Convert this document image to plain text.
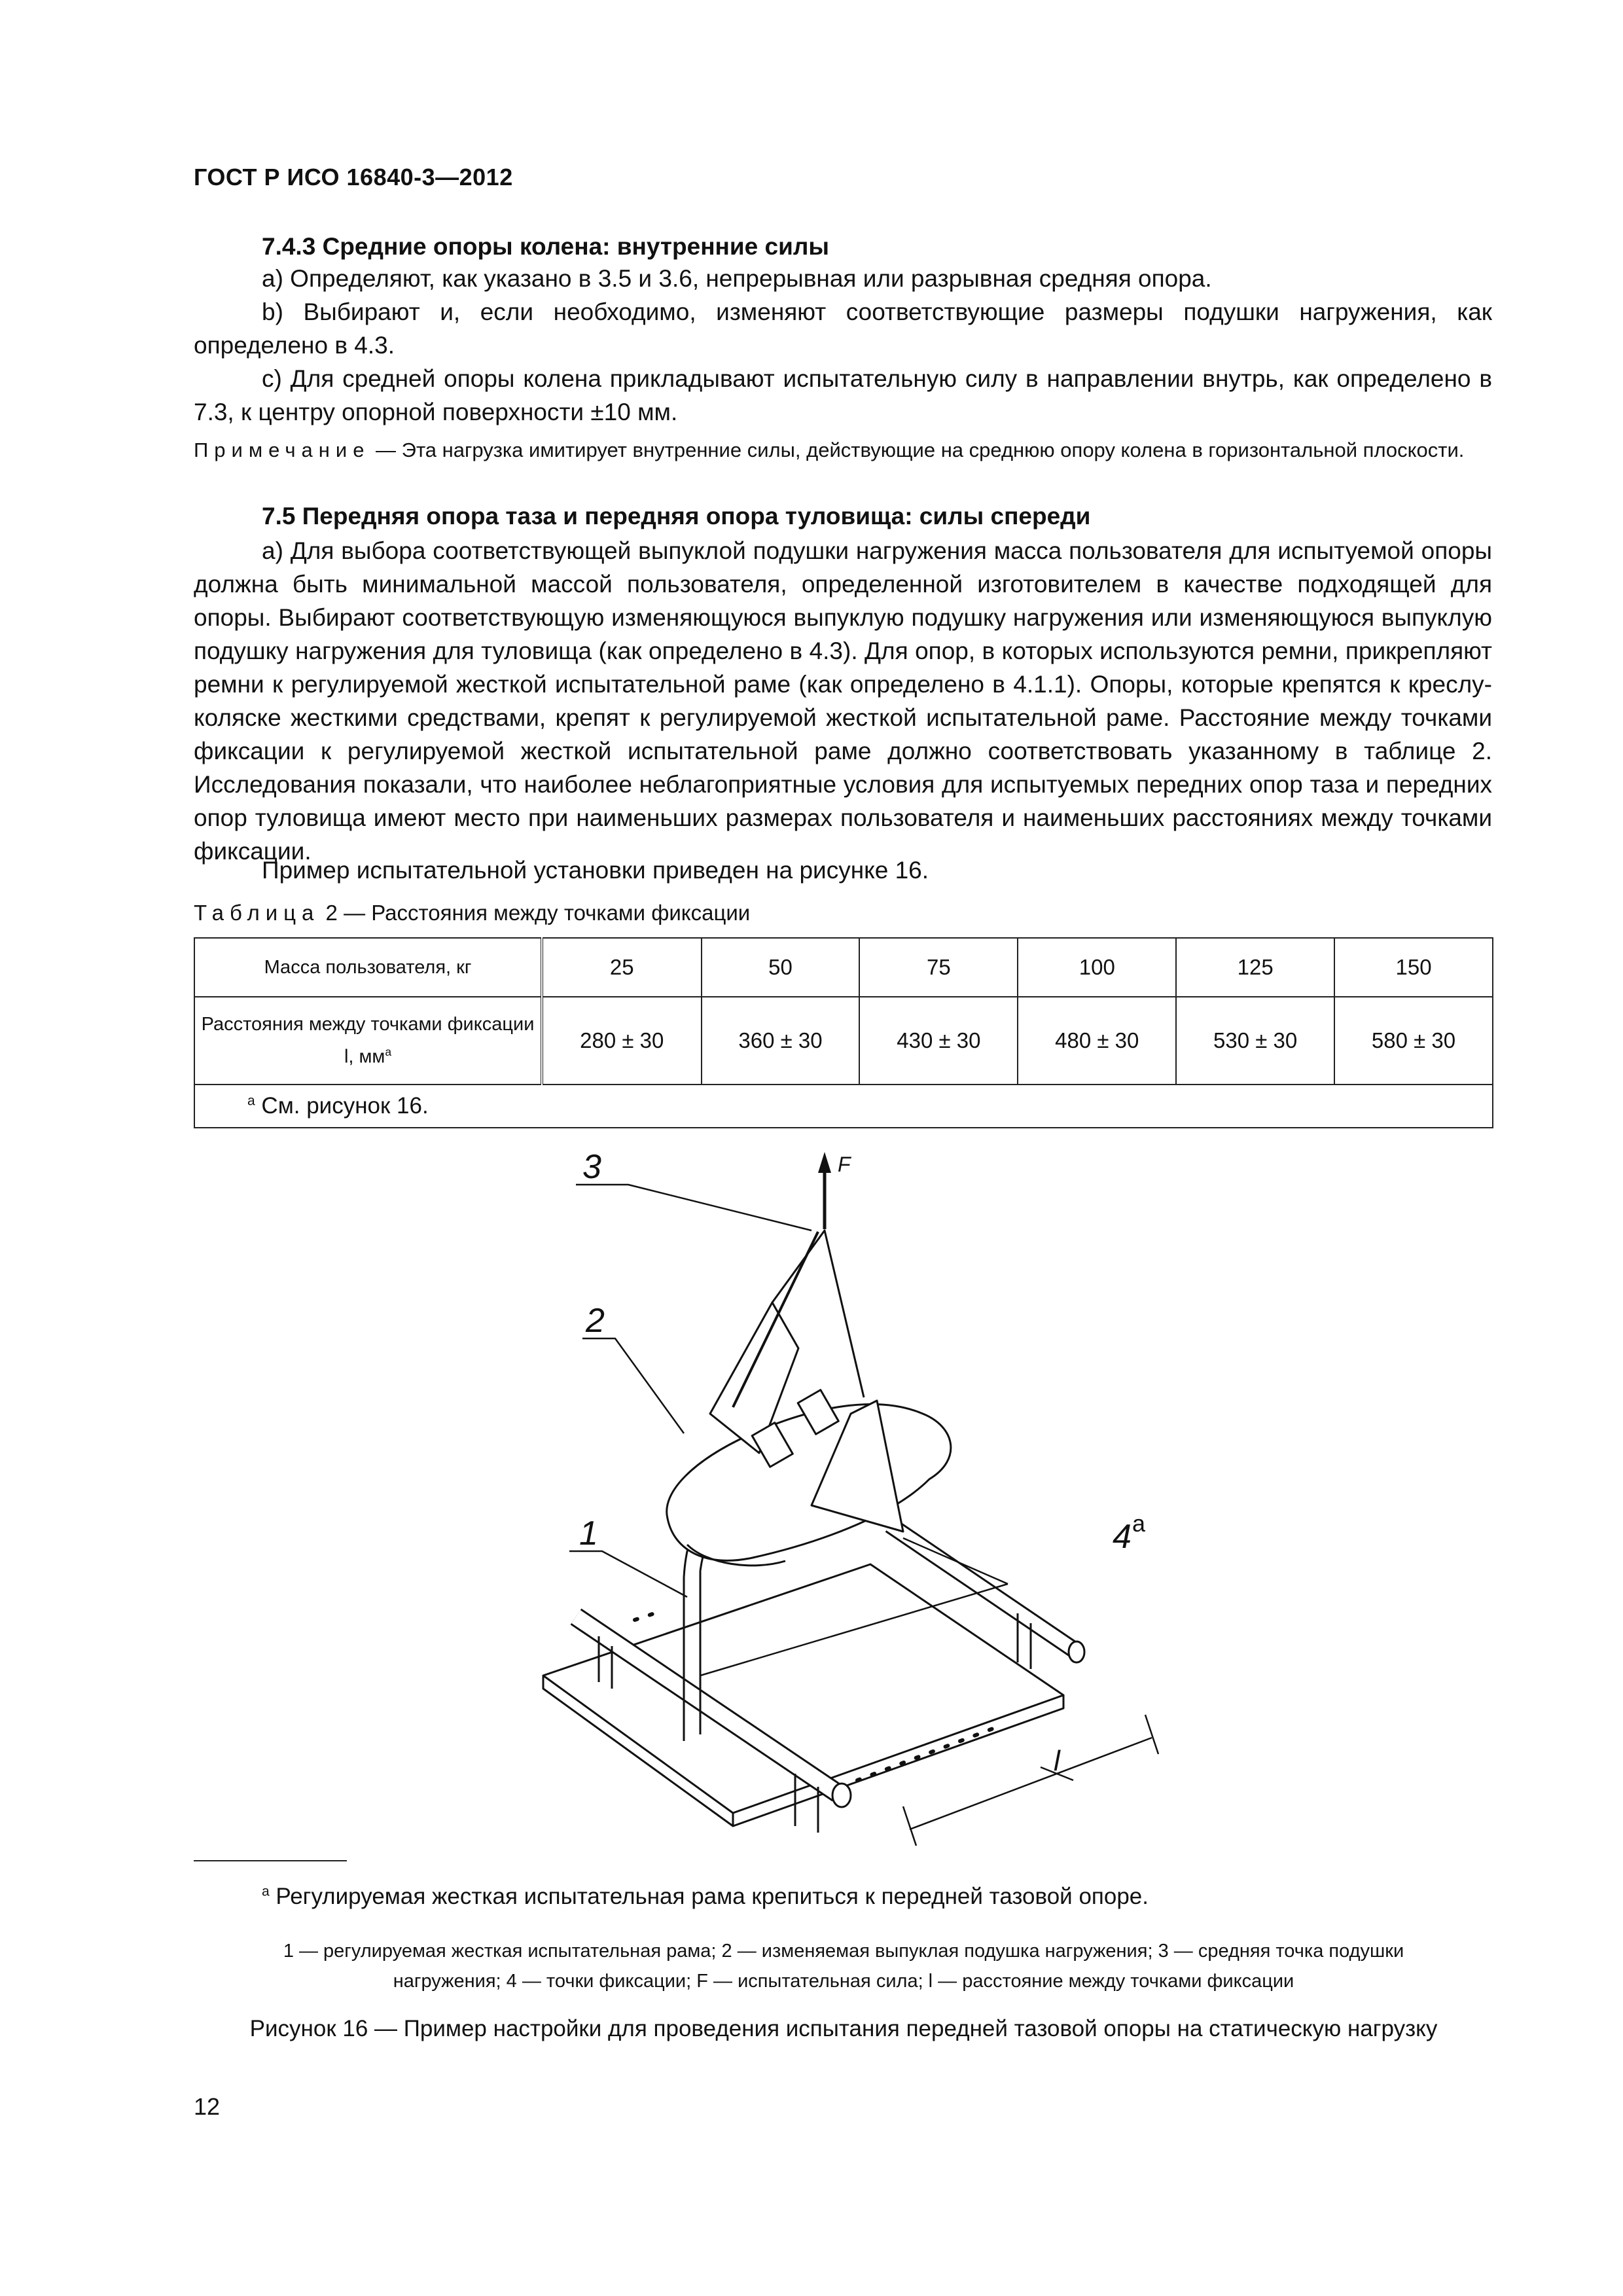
ГОСТ Р ИСО 16840-3—2012
7.4.3 Средние опоры колена: внутренние силы

а) Определяют, как указано в 3.5 и 3.6, непрерывная или разрывная средняя опора.

b) Выбирают и, если необходимо, изменяют соответствующие размеры подушки нагружения, как определено в 4.3.

с) Для средней опоры колена прикладывают испытательную силу в направлении внутрь, как определено в 7.3, к центру опорной поверхности ±10 мм.

Примечание — Эта нагрузка имитирует внутренние силы, действующие на среднюю опору колена в горизонтальной плоскости.

7.5 Передняя опора таза и передняя опора туловища: силы спереди

а) Для выбора соответствующей выпуклой подушки нагружения масса пользователя для испытуемой опоры должна быть минимальной массой пользователя, определенной изготовителем в качестве подходящей для опоры. Выбирают соответствующую изменяющуюся выпуклую подушку нагружения или изменяющуюся выпуклую подушку нагружения для туловища (как определено в 4.3). Для опор, в которых используются ремни, прикрепляют ремни к регулируемой жесткой испытательной раме (как определено в 4.1.1). Опоры, которые крепятся к креслу-коляске жесткими средствами, крепят к регулируемой жесткой испытательной раме. Расстояние между точками фиксации к регулируемой жесткой испытательной раме должно соответствовать указанному в таблице 2. Исследования показали, что наиболее неблагоприятные условия для испытуемых передних опор таза и передних опор туловища имеют место при наименьших размерах пользователя и наименьших расстояниях между точками фиксации.

Пример испытательной установки приведен на рисунке 16.

Таблица 2 — Расстояния между точками фиксации
Масса пользователя, кг	25	50	75	100	125	150
Расстояния между точками фиксации l, $мм^a$	280 ± 30	360 ± 30	430 ± 30	480 ± 30	530 ± 30	580 ± 30
$^a$ См. рисунок 16.						
3
2
1	4 a
F
l
$^a$ Регулируемая жесткая испытательная рама крепиться к передней тазовой опоре.
1 — регулируемая жесткая испытательная рама; 2 — изменяемая выпуклая подушка нагружения; 3 — средняя точка подушки
нагружения; 4 — точки фиксации; F — испытательная сила; l — расстояние между точками фиксации
Рисунок 16 — Пример настройки для проведения испытания передней тазовой опоры на статическую нагрузку
12
